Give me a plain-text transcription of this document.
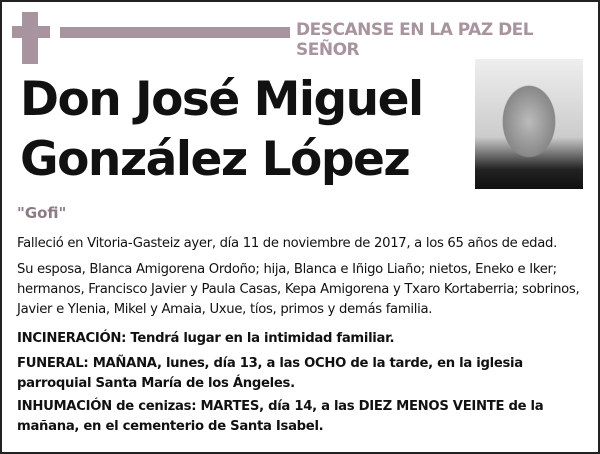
DESCANSE EN LA PAZ DEL SEÑOR
Don José Miguel
González López
"Gofi"
Falleció en Vitoria-Gasteiz ayer, día 11 de noviembre de 2017, a los 65 años de edad.
Su esposa, Blanca Amigorena Ordoño; hija, Blanca e Iñigo Liaño; nietos, Eneko e Iker; hermanos, Francisco Javier y Paula Casas, Kepa Amigorena y Txaro Kortaberria; sobrinos, Javier e Ylenia, Mikel y Amaia, Uxue, tíos, primos y demás familia.
INCINERACIÓN: Tendrá lugar en la intimidad familiar.
FUNERAL: MAÑANA, lunes, día 13, a las OCHO de la tarde, en la iglesia parroquial Santa María de los Ángeles.
INHUMACIÓN de cenizas: MARTES, día 14, a las DIEZ MENOS VEINTE de la mañana, en el cementerio de Santa Isabel.
